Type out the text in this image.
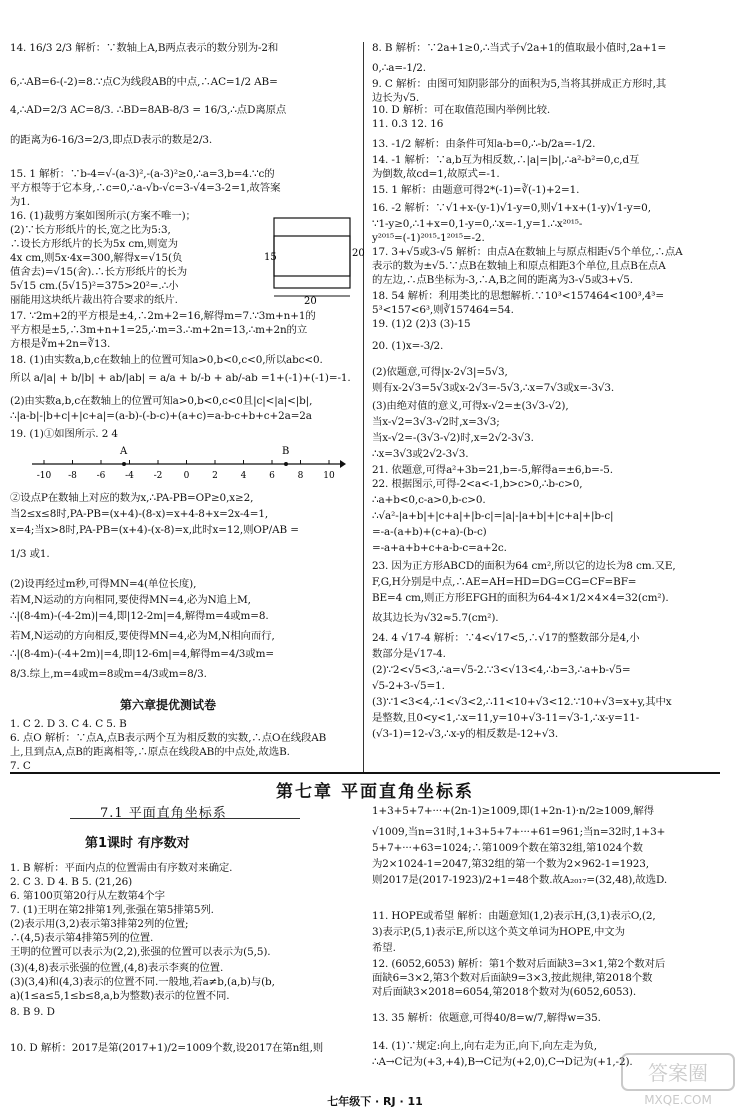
14. 16/3 2/3 解析：∵数轴上A,B两点表示的数分别为-2和
6,∴AB=6-(-2)=8.∵点C为线段AB的中点,∴AC=1/2 AB=
4,∴AD=2/3 AC=8/3. ∴BD=8AB-8/3 = 16/3,∴点D离原点
的距离为6-16/3=2/3,即点D表示的数是2/3.
15. 1 解析：∵b-4=√-(a-3)²,-(a-3)²≥0,∴a=3,b=4.∵c的
平方根等于它本身,∴c=0,∴a-√b-√c=3-√4=3-2=1,故答案
为1.
16. (1)裁剪方案如图所示(方案不唯一)；
(2)∵长方形纸片的长,宽之比为5:3,
∴设长方形纸片的长为5x cm,则宽为
4x cm,则5x·4x=300,解得x=√15(负
值舍去)=√15(舍).∴长方形纸片的长为
5√15 cm.(5√15)²=375>20²=.∴小
丽能用这块纸片裁出符合要求的纸片.
17. ∵2m+2的平方根是±4,∴2m+2=16,解得m=7.∵3m+n+1的
平方根是±5,∴3m+n+1=25,∴m=3.∴m+2n=13,∴m+2n的立
方根是∛m+2n=∛13.
18. (1)由实数a,b,c在数轴上的位置可知a>0,b<0,c<0,所以abc<0.
所以 a/|a| + b/|b| + ab/|ab| = a/a + b/-b + ab/-ab =1+(-1)+(-1)=-1.
(2)由实数a,b,c在数轴上的位置可知a>0,b<0,c<0且|c|<|a|<|b|,
∴|a-b|-|b+c|+|c+a|=(a-b)-(-b-c)+(a+c)=a-b-c+b+c+2a=2a
19. (1)①如图所示. 2 4
②设点P在数轴上对应的数为x,∴PA-PB=OP≥0,x≥2,
当2≤x≤8时,PA-PB=(x+4)-(8-x)=x+4-8+x=2x-4=1,
x=4;当x>8时,PA-PB=(x+4)-(x-8)=x,此时x=12,则OP/AB =
1/3 或1.
(2)设再经过m秒,可得MN=4(单位长度),
若M,N运动的方向相同,要使得MN=4,必为N追上M,
∴|(8-4m)-(-4-2m)|=4,即|12-2m|=4,解得m=4或m=8.
若M,N运动的方向相反,要使得MN=4,必为M,N相向而行,
∴|(8-4m)-(-4+2m)|=4,即|12-6m|=4,解得m=4/3或m=
8/3.综上,m=4或m=8或m=4/3或m=8/3.
1. C 2. D 3. C 4. C 5. B
6. 点O 解析：∵点A,点B表示两个互为相反数的实数,∴点O在线段AB
上,且到点A,点B的距离相等,∴原点在线段AB的中点处,故选B.
7. C
8. B 解析：∵2a+1≥0,∴当式子√2a+1的值取最小值时,2a+1=
0,∴a=-1/2.
9. C 解析：由图可知阴影部分的面积为5,当将其拼成正方形时,其
边长为√5.
10. D 解析：可在取值范围内举例比较.
11. 0.3 12. 16
13. -1/2 解析：由条件可知a-b=0,∴-b/2a=-1/2.
14. -1 解析：∵a,b互为相反数,∴|a|=|b|,∴a²-b²=0,c,d互
为倒数,故cd=1,故原式=-1.
15. 1 解析：由题意可得2*(-1)=∛(-1)+2=1.
16. -2 解析：∵√1+x-(y-1)√1-y=0,则√1+x+(1-y)√1-y=0,
∵1-y≥0,∴1+x=0,1-y=0,∴x=-1,y=1.∴x²⁰¹⁵-
y²⁰¹⁵=(-1)²⁰¹⁵-1²⁰¹⁵=-2.
17. 3+√5或3-√5 解析：由点A在数轴上与原点相距√5个单位,∴点A
表示的数为±√5.∵点B在数轴上和原点相距3个单位,且点B在点A
的左边,∴点B坐标为-3,∴A,B之间的距离为3-√5或3+√5.
18. 54 解析：利用类比的思想解析.∵10³<157464<100³,4³=
5³<157<6³,则∛157464=54.
19. (1)2 (2)3 (3)-15
20. (1)x=-3/2.
(2)依题意,可得|x-2√3|=5√3,
则有x-2√3=5√3或x-2√3=-5√3,∴x=7√3或x=-3√3.
(3)由绝对值的意义,可得x-√2=±(3√3-√2),
当x-√2=3√3-√2时,x=3√3;
当x-√2=-(3√3-√2)时,x=2√2-3√3.
∴x=3√3或2√2-3√3.
21. 依题意,可得a²+3b=21,b=-5,解得a=±6,b=-5.
22. 根据图示,可得-2<a<-1,b>c>0,∴b-c>0,
∴a+b<0,c-a>0,b-c>0.
∴√a²-|a+b|+|c+a|+|b-c|=|a|-|a+b|+|c+a|+|b-c|
=-a-(a+b)+(c+a)-(b-c)
=-a+a+b+c+a-b-c=a+2c.
23. 因为正方形ABCD的面积为64 cm²,所以它的边长为8 cm.又E,
F,G,H分别是中点,∴AE=AH=HD=DG=CG=CF=BF=
BE=4 cm,则正方形EFGH的面积为64-4×1/2×4×4=32(cm²).
故其边长为√32≈5.7(cm²).
24. 4 √17-4 解析：∵4<√17<5,∴√17的整数部分是4,小
数部分是√17-4.
(2)∵2<√5<3,∴a=√5-2.∵3<√13<4,∴b=3,∴a+b-√5=
√5-2+3-√5=1.
(3)∵1<3<4,∴1<√3<2,∴11<10+√3<12.∵10+√3=x+y,其中x
是整数,且0<y<1,∴x=11,y=10+√3-11=√3-1,∴x-y=11-
(√3-1)=12-√3,∴x-y的相反数是-12+√3.
15	20
20
A	B
-10 -8 -6 -4 -2 0	2	4	6	8 10
第六章提优测试卷
第七章 平面直角坐标系
7.1 平面直角坐标系
第1课时 有序数对
1. B 解析：平面内点的位置需由有序数对来确定.
2. C 3. D 4. B 5. (21,26)
6. 第100页第20行从左数第4个字
7. (1)王明在第2排第1列,张强在第5排第5列.
(2)表示用(3,2)表示第3排第2列的位置;
∴(4,5)表示第4排第5列的位置.
王明的位置可以表示为(2,2),张强的位置可以表示为(5,5).
(3)(4,8)表示张强的位置,(4,8)表示李爽的位置.
(3)(3,4)和(4,3)表示的位置不同.一般地,若a≠b,(a,b)与(b,
a)(1≤a≤5,1≤b≤8,a,b为整数)表示的位置不同.
8. B 9. D
10. D 解析：2017是第(2017+1)/2=1009个数,设2017在第n组,则
1+3+5+7+···+(2n-1)≥1009,即(1+2n-1)·n/2≥1009,解得
√1009,当n=31时,1+3+5+7+···+61=961;当n=32时,1+3+
5+7+···+63=1024;∴第1009个数在第32组,第1024个数
为2×1024-1=2047,第32组的第一个数为2×962-1=1923,
则2017是(2017-1923)/2+1=48个数.故A₂₀₁₇=(32,48),故选D.
11. HOPE或希望 解析：由题意知(1,2)表示H,(3,1)表示O,(2,
3)表示P,(5,1)表示E,所以这个英文单词为HOPE,中文为
希望.
12. (6052,6053) 解析：第1个数对后面缺3=3×1,第2个数对后
面缺6=3×2,第3个数对后面缺9=3×3,按此规律,第2018个数
对后面缺3×2018=6054,第2018个数对为(6052,6053).
13. 35 解析：依题意,可得40/8=w/7,解得w=35.
14. (1)∵规定:向上,向右走为正,向下,向左走为负,
∴A→C记为(+3,+4),B→C记为(+2,0),C→D记为(+1,-2).
七年级下 · RJ · 11
答案圈
MXQE.COM
